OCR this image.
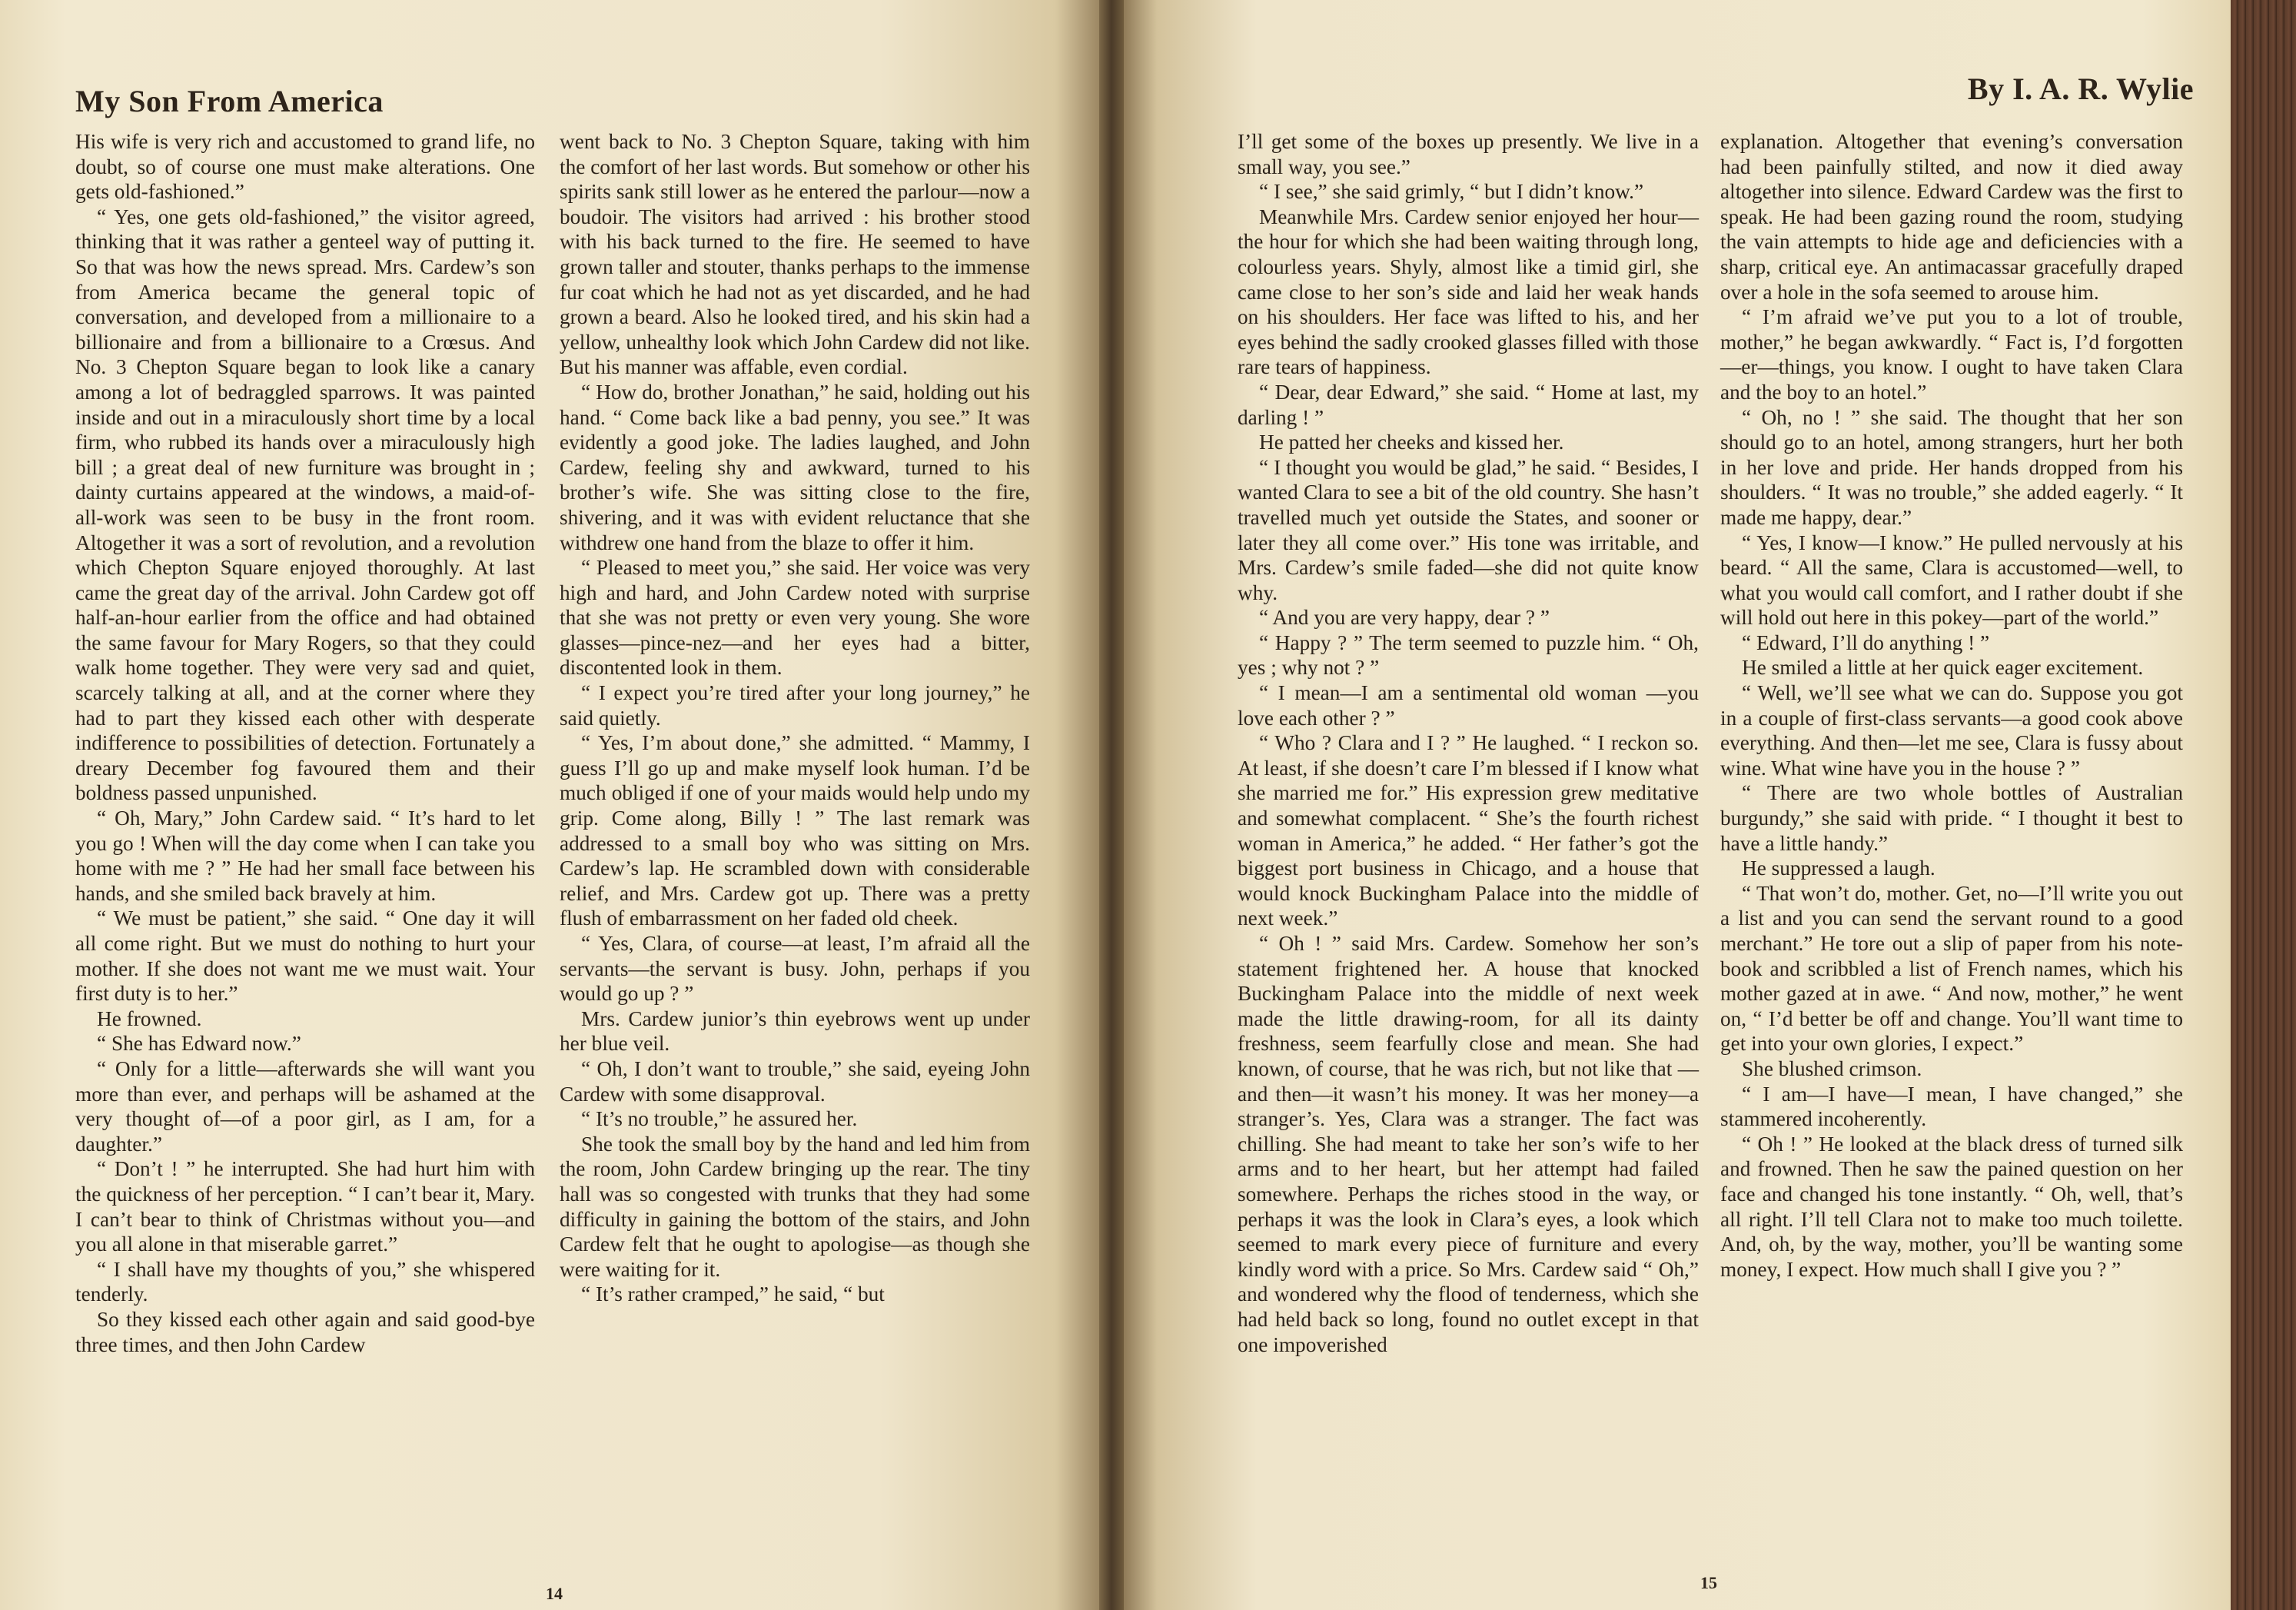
My Son From America

His wife is very rich and accustomed to grand life, no doubt, so of course one must make alterations. One gets old-fashioned.”

“ Yes, one gets old-fashioned,” the visitor agreed, thinking that it was rather a genteel way of putting it. So that was how the news spread. Mrs. Cardew’s son from America became the general topic of conversation, and developed from a millionaire to a billionaire and from a billionaire to a Crœsus. And No. 3 Chepton Square began to look like a canary among a lot of bedraggled sparrows. It was painted inside and out in a miraculously short time by a local firm, who rubbed its hands over a miraculously high bill ; a great deal of new furniture was brought in ; dainty curtains appeared at the windows, a maid-of-all-work was seen to be busy in the front room. Altogether it was a sort of revolution, and a revolution which Chepton Square enjoyed thoroughly. At last came the great day of the arrival. John Cardew got off half-an-hour earlier from the office and had obtained the same favour for Mary Rogers, so that they could walk home together. They were very sad and quiet, scarcely talking at all, and at the corner where they had to part they kissed each other with desperate indifference to possibilities of detection. Fortunately a dreary December fog favoured them and their boldness passed unpunished.

“ Oh, Mary,” John Cardew said. “ It’s hard to let you go ! When will the day come when I can take you home with me ? ” He had her small face between his hands, and she smiled back bravely at him.

“ We must be patient,” she said. “ One day it will all come right. But we must do nothing to hurt your mother. If she does not want me we must wait. Your first duty is to her.”

He frowned.

“ She has Edward now.”

“ Only for a little—afterwards she will want you more than ever, and perhaps will be ashamed at the very thought of—of a poor girl, as I am, for a daughter.”

“ Don’t ! ” he interrupted. She had hurt him with the quickness of her perception. “ I can’t bear it, Mary. I can’t bear to think of Christmas without you—and you all alone in that miserable garret.”

“ I shall have my thoughts of you,” she whispered tenderly.

So they kissed each other again and said good-bye three times, and then John Cardew

went back to No. 3 Chepton Square, taking with him the comfort of her last words. But somehow or other his spirits sank still lower as he entered the parlour—now a boudoir. The visitors had arrived : his brother stood with his back turned to the fire. He seemed to have grown taller and stouter, thanks perhaps to the immense fur coat which he had not as yet discarded, and he had grown a beard. Also he looked tired, and his skin had a yellow, unhealthy look which John Cardew did not like. But his manner was affable, even cordial.

“ How do, brother Jonathan,” he said, holding out his hand. “ Come back like a bad penny, you see.” It was evidently a good joke. The ladies laughed, and John Cardew, feeling shy and awkward, turned to his brother’s wife. She was sitting close to the fire, shivering, and it was with evident reluctance that she withdrew one hand from the blaze to offer it him.

“ Pleased to meet you,” she said. Her voice was very high and hard, and John Cardew noted with surprise that she was not pretty or even very young. She wore glasses—pince-nez—and her eyes had a bitter, discontented look in them.

“ I expect you’re tired after your long journey,” he said quietly.

“ Yes, I’m about done,” she admitted. “ Mammy, I guess I’ll go up and make myself look human. I’d be much obliged if one of your maids would help undo my grip. Come along, Billy ! ” The last remark was addressed to a small boy who was sitting on Mrs. Cardew’s lap. He scrambled down with considerable relief, and Mrs. Cardew got up. There was a pretty flush of embarrassment on her faded old cheek.

“ Yes, Clara, of course—at least, I’m afraid all the servants—the servant is busy. John, perhaps if you would go up ? ”

Mrs. Cardew junior’s thin eyebrows went up under her blue veil.

“ Oh, I don’t want to trouble,” she said, eyeing John Cardew with some disapproval.

“ It’s no trouble,” he assured her.

She took the small boy by the hand and led him from the room, John Cardew bringing up the rear. The tiny hall was so congested with trunks that they had some difficulty in gaining the bottom of the stairs, and John Cardew felt that he ought to apologise—as though she were waiting for it.

“ It’s rather cramped,” he said, “ but

14
By I. A. R. Wylie

I’ll get some of the boxes up presently. We live in a small way, you see.”

“ I see,” she said grimly, “ but I didn’t know.”

Meanwhile Mrs. Cardew senior enjoyed her hour—the hour for which she had been waiting through long, colourless years. Shyly, almost like a timid girl, she came close to her son’s side and laid her weak hands on his shoulders. Her face was lifted to his, and her eyes behind the sadly crooked glasses filled with those rare tears of happiness.

“ Dear, dear Edward,” she said. “ Home at last, my darling ! ”

He patted her cheeks and kissed her.

“ I thought you would be glad,” he said. “ Besides, I wanted Clara to see a bit of the old country. She hasn’t travelled much yet outside the States, and sooner or later they all come over.” His tone was irritable, and Mrs. Cardew’s smile faded—she did not quite know why.

“ And you are very happy, dear ? ”

“ Happy ? ” The term seemed to puzzle him. “ Oh, yes ; why not ? ”

“ I mean—I am a sentimental old woman —you love each other ? ”

“ Who ? Clara and I ? ” He laughed. “ I reckon so. At least, if she doesn’t care I’m blessed if I know what she married me for.” His expression grew meditative and somewhat complacent. “ She’s the fourth richest woman in America,” he added. “ Her father’s got the biggest port business in Chicago, and a house that would knock Buckingham Palace into the middle of next week.”

“ Oh ! ” said Mrs. Cardew. Somehow her son’s statement frightened her. A house that knocked Buckingham Palace into the middle of next week made the little drawing-room, for all its dainty freshness, seem fearfully close and mean. She had known, of course, that he was rich, but not like that —and then—it wasn’t his money. It was her money—a stranger’s. Yes, Clara was a stranger. The fact was chilling. She had meant to take her son’s wife to her arms and to her heart, but her attempt had failed somewhere. Perhaps the riches stood in the way, or perhaps it was the look in Clara’s eyes, a look which seemed to mark every piece of furniture and every kindly word with a price. So Mrs. Cardew said “ Oh,” and wondered why the flood of tenderness, which she had held back so long, found no outlet except in that one impoverished

explanation. Altogether that evening’s conversation had been painfully stilted, and now it died away altogether into silence. Edward Cardew was the first to speak. He had been gazing round the room, studying the vain attempts to hide age and deficiencies with a sharp, critical eye. An antimacassar gracefully draped over a hole in the sofa seemed to arouse him.

“ I’m afraid we’ve put you to a lot of trouble, mother,” he began awkwardly. “ Fact is, I’d forgotten—er—things, you know. I ought to have taken Clara and the boy to an hotel.”

“ Oh, no ! ” she said. The thought that her son should go to an hotel, among strangers, hurt her both in her love and pride. Her hands dropped from his shoulders. “ It was no trouble,” she added eagerly. “ It made me happy, dear.”

“ Yes, I know—I know.” He pulled nervously at his beard. “ All the same, Clara is accustomed—well, to what you would call comfort, and I rather doubt if she will hold out here in this pokey—part of the world.”

“ Edward, I’ll do anything ! ”

He smiled a little at her quick eager excitement.

“ Well, we’ll see what we can do. Suppose you got in a couple of first-class servants—a good cook above everything. And then—let me see, Clara is fussy about wine. What wine have you in the house ? ”

“ There are two whole bottles of Australian burgundy,” she said with pride. “ I thought it best to have a little handy.”

He suppressed a laugh.

“ That won’t do, mother. Get, no—I’ll write you out a list and you can send the servant round to a good merchant.” He tore out a slip of paper from his note-book and scribbled a list of French names, which his mother gazed at in awe. “ And now, mother,” he went on, “ I’d better be off and change. You’ll want time to get into your own glories, I expect.”

She blushed crimson.

“ I am—I have—I mean, I have changed,” she stammered incoherently.

“ Oh ! ” He looked at the black dress of turned silk and frowned. Then he saw the pained question on her face and changed his tone instantly. “ Oh, well, that’s all right. I’ll tell Clara not to make too much toilette. And, oh, by the way, mother, you’ll be wanting some money, I expect. How much shall I give you ? ”

15
